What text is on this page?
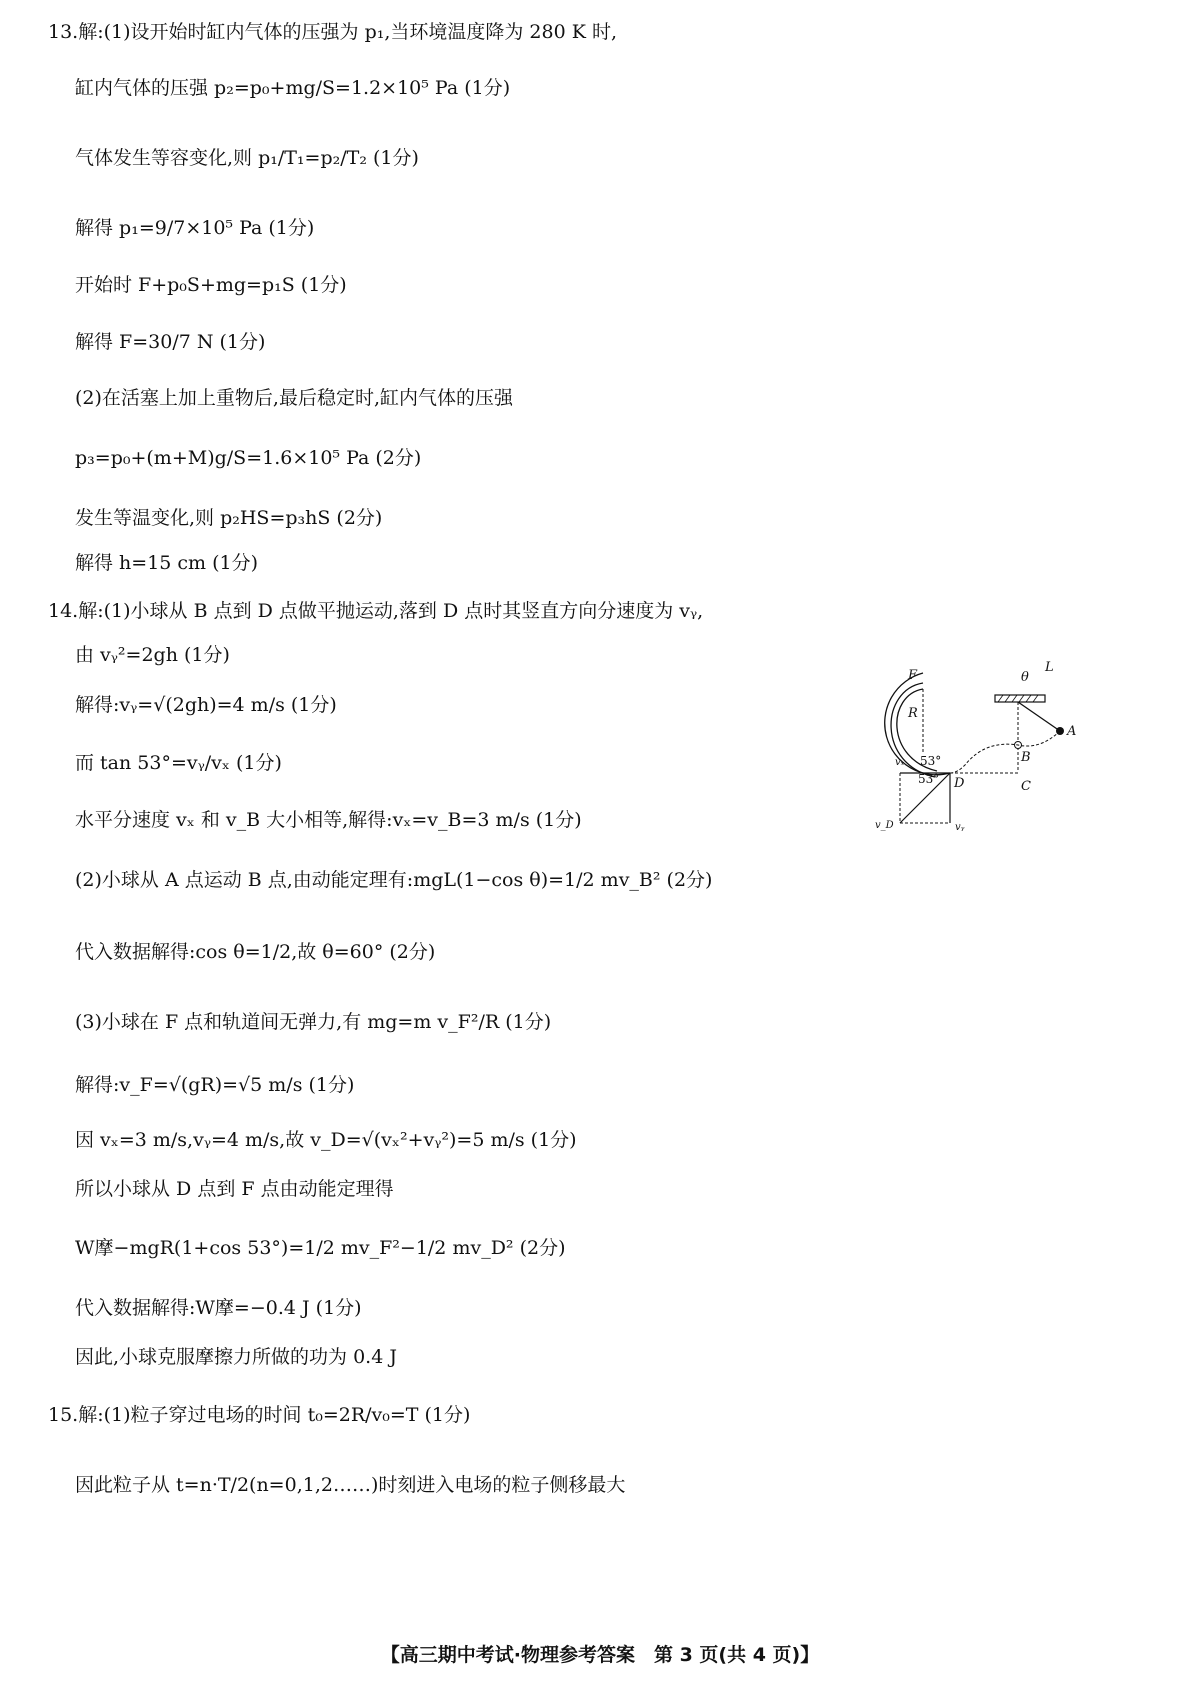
13.解:(1)设开始时缸内气体的压强为 p₁,当环境温度降为 280 K 时,
缸内气体的压强 p₂=p₀+mg/S=1.2×10⁵ Pa (1分)
气体发生等容变化,则 p₁/T₁=p₂/T₂ (1分)
解得 p₁=9/7×10⁵ Pa (1分)
开始时 F+p₀S+mg=p₁S (1分)
解得 F=30/7 N (1分)
(2)在活塞上加上重物后,最后稳定时,缸内气体的压强
p₃=p₀+(m+M)g/S=1.6×10⁵ Pa (2分)
发生等温变化,则 p₂HS=p₃hS (2分)
解得 h=15 cm (1分)
14.解:(1)小球从 B 点到 D 点做平抛运动,落到 D 点时其竖直方向分速度为 vᵧ,
由 vᵧ²=2gh (1分)
解得:vᵧ=√(2gh)=4 m/s (1分)
而 tan 53°=vᵧ/vₓ (1分)
水平分速度 vₓ 和 v_B 大小相等,解得:vₓ=v_B=3 m/s (1分)
(2)小球从 A 点运动 B 点,由动能定理有:mgL(1−cos θ)=1/2 mv_B² (2分)
代入数据解得:cos θ=1/2,故 θ=60° (2分)
(3)小球在 F 点和轨道间无弹力,有 mg=m v_F²/R (1分)
解得:v_F=√(gR)=√5 m/s (1分)
因 vₓ=3 m/s,vᵧ=4 m/s,故 v_D=√(vₓ²+vᵧ²)=5 m/s (1分)
所以小球从 D 点到 F 点由动能定理得
W摩−mgR(1+cos 53°)=1/2 mv_F²−1/2 mv_D² (2分)
代入数据解得:W摩=−0.4 J (1分)
因此,小球克服摩擦力所做的功为 0.4 J
15.解:(1)粒子穿过电场的时间 t₀=2R/v₀=T (1分)
因此粒子从 t=n·T/2(n=0,1,2……)时刻进入电场的粒子侧移最大
F
R
L
θ
A
B
C
D
vₓ
v_D	vᵧ
53°
53°
【高三期中考试·物理参考答案　第 3 页(共 4 页)】
